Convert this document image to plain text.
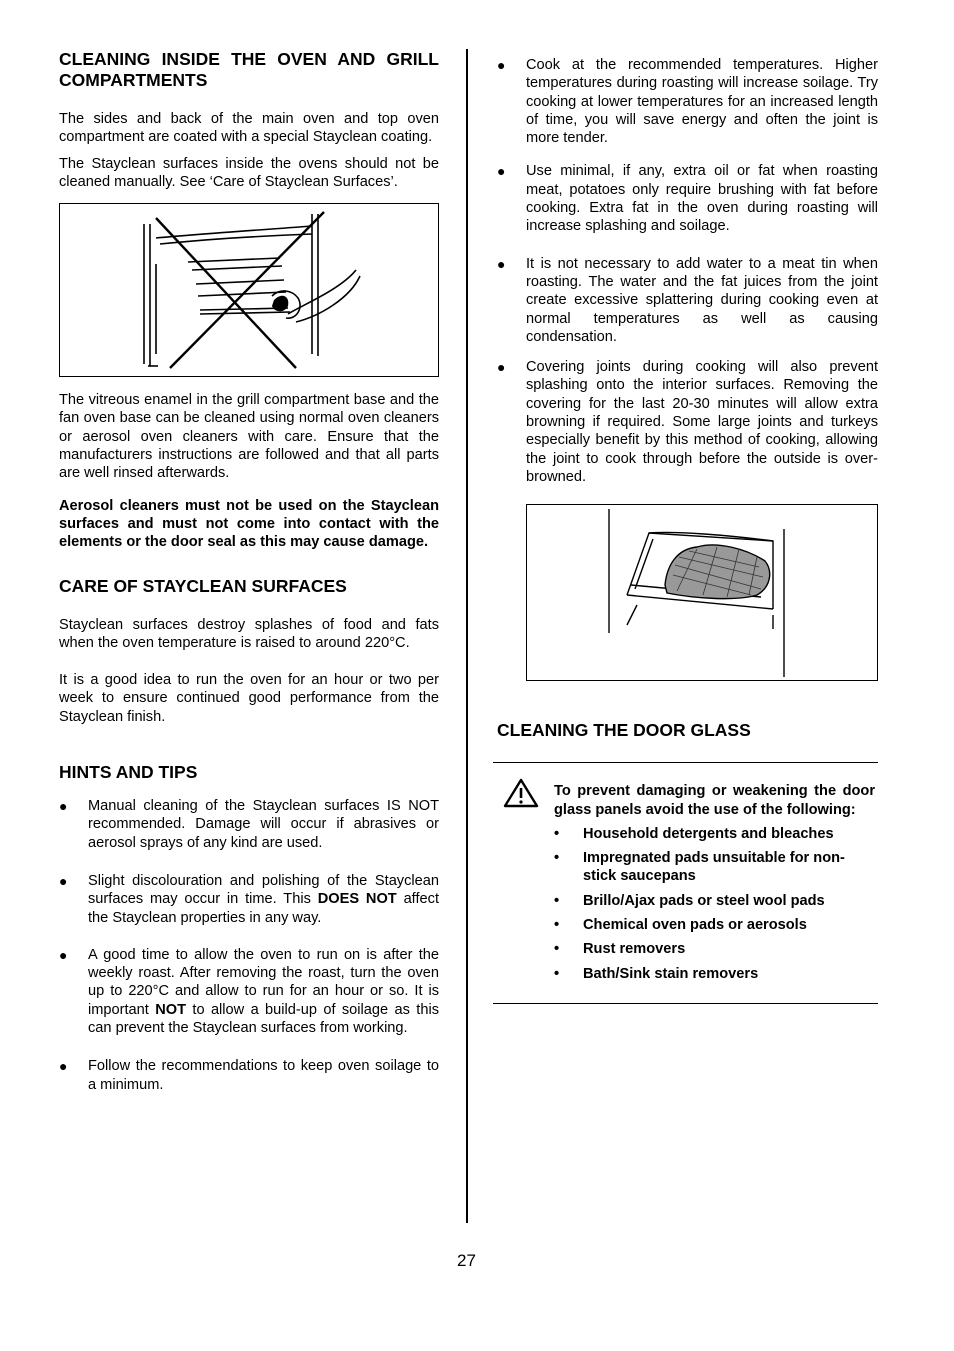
CLEANING INSIDE THE OVEN AND GRILL COMPARTMENTS

The sides and back of the main oven and top oven compartment are coated with a special Stayclean coating.

The Stayclean surfaces inside the ovens should not be cleaned manually. See ‘Care of Stayclean Surfaces’.

The vitreous enamel in the grill compartment base and the fan oven base can be cleaned using normal oven cleaners or aerosol oven cleaners with care. Ensure that the manufacturers instructions are followed and that all parts are well rinsed afterwards.

Aerosol cleaners must not be used on the Stayclean surfaces and must not come into contact with the elements or the door seal as this may cause damage.

CARE OF STAYCLEAN SURFACES

Stayclean surfaces destroy splashes of food and fats when the oven temperature is raised to around 220°C.

It is a good idea to run the oven for an hour or two per week to ensure continued good performance from the Stayclean finish.

HINTS AND TIPS
● Manual cleaning of the Stayclean surfaces IS NOT recommended. Damage will occur if abrasives or aerosol sprays of any kind are used.
● Slight discolouration and polishing of the Stayclean surfaces may occur in time. This DOES NOT affect the Stayclean properties in any way.
● A good time to allow the oven to run on is after the weekly roast. After removing the roast, turn the oven up to 220°C and allow to run for an hour or so. It is important NOT to allow a build-up of soilage as this can prevent the Stayclean surfaces from working.
● Follow the recommendations to keep oven soilage to a minimum.
● Cook at the recommended temperatures. Higher temperatures during roasting will increase soilage. Try cooking at lower temperatures for an increased length of time, you will save energy and often the joint is more tender.
● Use minimal, if any, extra oil or fat when roasting meat, potatoes only require brushing with fat before cooking. Extra fat in the oven during roasting will increase splashing and soilage.
● It is not necessary to add water to a meat tin when roasting. The water and the fat juices from the joint create excessive splattering during cooking even at normal temperatures as well as causing condensation.
● Covering joints during cooking will also prevent splashing onto the interior surfaces. Removing the covering for the last 20-30 minutes will allow extra browning if required. Some large joints and turkeys especially benefit by this method of cooking, allowing the joint to cook through before the outside is over-browned.
CLEANING THE DOOR GLASS

To prevent damaging or weakening the door glass panels avoid the use of the following:

• Household detergents and bleaches
• Impregnated pads unsuitable for non-stick saucepans
• Brillo/Ajax pads or steel wool pads
• Chemical oven pads or aerosols
• Rust removers
• Bath/Sink stain removers
27
